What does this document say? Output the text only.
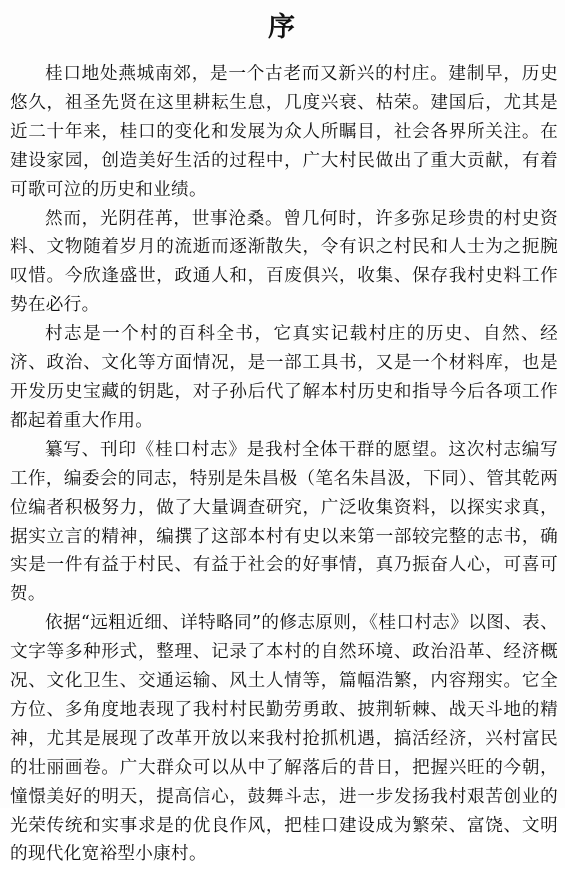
序

桂口地处燕城南郊，是一个古老而又新兴的村庄。建制早，历史悠久，祖圣先贤在这里耕耘生息，几度兴衰、枯荣。建国后，尤其是近二十年来，桂口的变化和发展为众人所瞩目，社会各界所关注。在建设家园，创造美好生活的过程中，广大村民做出了重大贡献，有着可歌可泣的历史和业绩。

然而，光阴荏苒，世事沧桑。曾几何时，许多弥足珍贵的村史资料、文物随着岁月的流逝而逐渐散失，令有识之村民和人士为之扼腕叹惜。今欣逢盛世，政通人和，百废俱兴，收集、保存我村史料工作势在必行。

村志是一个村的百科全书，它真实记载村庄的历史、自然、经济、政治、文化等方面情况，是一部工具书，又是一个材料库，也是开发历史宝藏的钥匙，对子孙后代了解本村历史和指导今后各项工作都起着重大作用。

纂写、刊印《桂口村志》是我村全体干群的愿望。这次村志编写工作，编委会的同志，特别是朱昌极（笔名朱昌汲，下同）、管其乾两位编者积极努力，做了大量调查研究，广泛收集资料，以探实求真，据实立言的精神，编撰了这部本村有史以来第一部较完整的志书，确实是一件有益于村民、有益于社会的好事情，真乃振奋人心，可喜可贺。

依据“远粗近细、详特略同”的修志原则，《桂口村志》以图、表、文字等多种形式，整理、记录了本村的自然环境、政治沿革、经济概况、文化卫生、交通运输、风土人情等，篇幅浩繁，内容翔实。它全方位、多角度地表现了我村村民勤劳勇敢、披荆斩棘、战天斗地的精神，尤其是展现了改革开放以来我村抢抓机遇，搞活经济，兴村富民的壮丽画卷。广大群众可以从中了解落后的昔日，把握兴旺的今朝，憧憬美好的明天，提高信心，鼓舞斗志，进一步发扬我村艰苦创业的光荣传统和实事求是的优良作风，把桂口建设成为繁荣、富饶、文明的现代化宽裕型小康村。
